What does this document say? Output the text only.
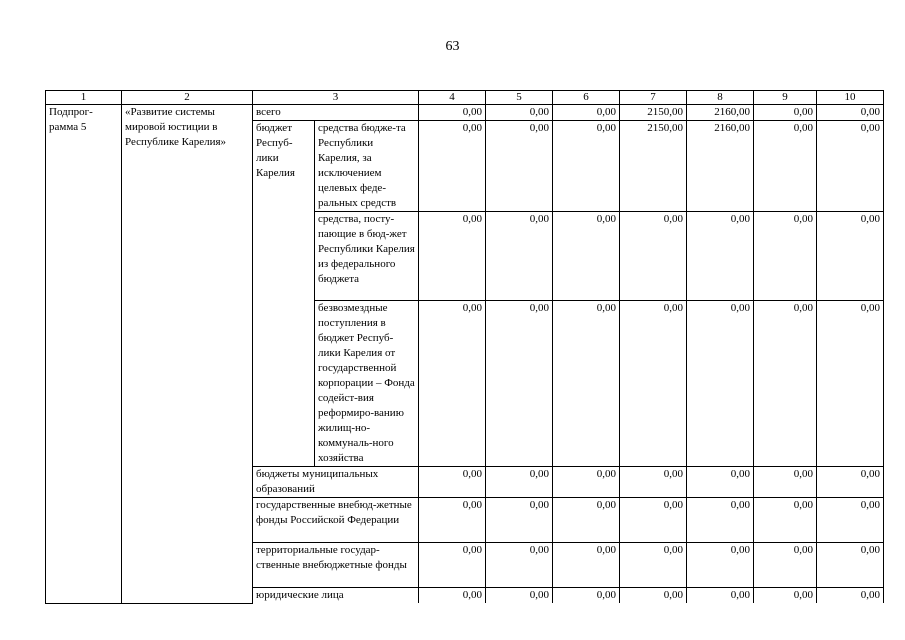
63
1	2	3		4	5	6	7	8	9	10
Подпрог-
рамма 5	«Развитие системы мировой юстиции в Республике Карелия»	всего		0,00	0,00	0,00	2150,00	2160,00	0,00	0,00
		бюджет Респуб-лики Карелия	средства бюдже-та Республики Карелия, за исключением целевых феде-ральных средств	0,00	0,00	0,00	2150,00	2160,00	0,00	0,00
			средства, посту-пающие в бюд-жет Республики Карелия из федерального бюджета	0,00	0,00	0,00	0,00	0,00	0,00	0,00
			безвозмездные поступления в бюджет Респуб-лики Карелия от государственной корпорации – Фонда содейст-вия реформиро-ванию жилищ-но-коммуналь-ного хозяйства	0,00	0,00	0,00	0,00	0,00	0,00	0,00
		бюджеты муниципальных образований		0,00	0,00	0,00	0,00	0,00	0,00	0,00
		государственные внебюд-жетные фонды Российской Федерации		0,00	0,00	0,00	0,00	0,00	0,00	0,00
		территориальные государ-ственные внебюджетные фонды		0,00	0,00	0,00	0,00	0,00	0,00	0,00
		юридические лица		0,00	0,00	0,00	0,00	0,00	0,00	0,00
